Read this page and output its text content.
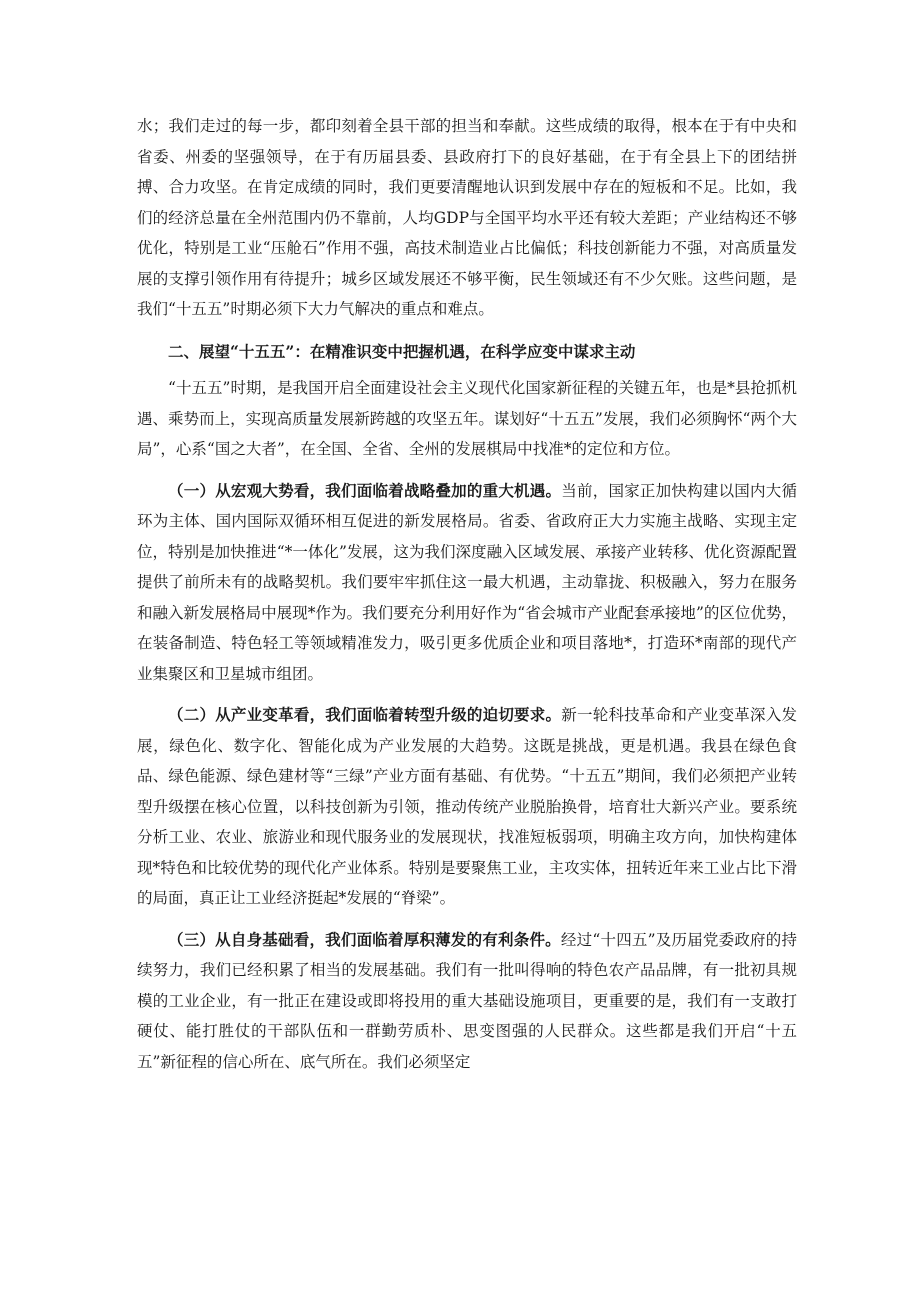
水；我们走过的每一步，都印刻着全县干部的担当和奉献。这些成绩的取得，根本在于有中央和省委、州委的坚强领导，在于有历届县委、县政府打下的良好基础，在于有全县上下的团结拼搏、合力攻坚。在肯定成绩的同时，我们更要清醒地认识到发展中存在的短板和不足。比如，我们的经济总量在全州范围内仍不靠前，人均GDP与全国平均水平还有较大差距；产业结构还不够优化，特别是工业“压舱石”作用不强，高技术制造业占比偏低；科技创新能力不强，对高质量发展的支撑引领作用有待提升；城乡区域发展还不够平衡，民生领域还有不少欠账。这些问题，是我们“十五五”时期必须下大力气解决的重点和难点。

二、展望“十五五”：在精准识变中把握机遇，在科学应变中谋求主动

“十五五”时期，是我国开启全面建设社会主义现代化国家新征程的关键五年，也是*县抢抓机遇、乘势而上，实现高质量发展新跨越的攻坚五年。谋划好“十五五”发展，我们必须胸怀“两个大局”，心系“国之大者”，在全国、全省、全州的发展棋局中找准*的定位和方位。

（一）从宏观大势看，我们面临着战略叠加的重大机遇。当前，国家正加快构建以国内大循环为主体、国内国际双循环相互促进的新发展格局。省委、省政府正大力实施主战略、实现主定位，特别是加快推进“*一体化”发展，这为我们深度融入区域发展、承接产业转移、优化资源配置提供了前所未有的战略契机。我们要牢牢抓住这一最大机遇，主动靠拢、积极融入，努力在服务和融入新发展格局中展现*作为。我们要充分利用好作为“省会城市产业配套承接地”的区位优势，在装备制造、特色轻工等领域精准发力，吸引更多优质企业和项目落地*，打造环*南部的现代产业集聚区和卫星城市组团。

（二）从产业变革看，我们面临着转型升级的迫切要求。新一轮科技革命和产业变革深入发展，绿色化、数字化、智能化成为产业发展的大趋势。这既是挑战，更是机遇。我县在绿色食品、绿色能源、绿色建材等“三绿”产业方面有基础、有优势。“十五五”期间，我们必须把产业转型升级摆在核心位置，以科技创新为引领，推动传统产业脱胎换骨，培育壮大新兴产业。要系统分析工业、农业、旅游业和现代服务业的发展现状，找准短板弱项，明确主攻方向，加快构建体现*特色和比较优势的现代化产业体系。特别是要聚焦工业，主攻实体，扭转近年来工业占比下滑的局面，真正让工业经济挺起*发展的“脊梁”。

（三）从自身基础看，我们面临着厚积薄发的有利条件。经过“十四五”及历届党委政府的持续努力，我们已经积累了相当的发展基础。我们有一批叫得响的特色农产品品牌，有一批初具规模的工业企业，有一批正在建设或即将投用的重大基础设施项目，更重要的是，我们有一支敢打硬仗、能打胜仗的干部队伍和一群勤劳质朴、思变图强的人民群众。这些都是我们开启“十五五”新征程的信心所在、底气所在。我们必须坚定
